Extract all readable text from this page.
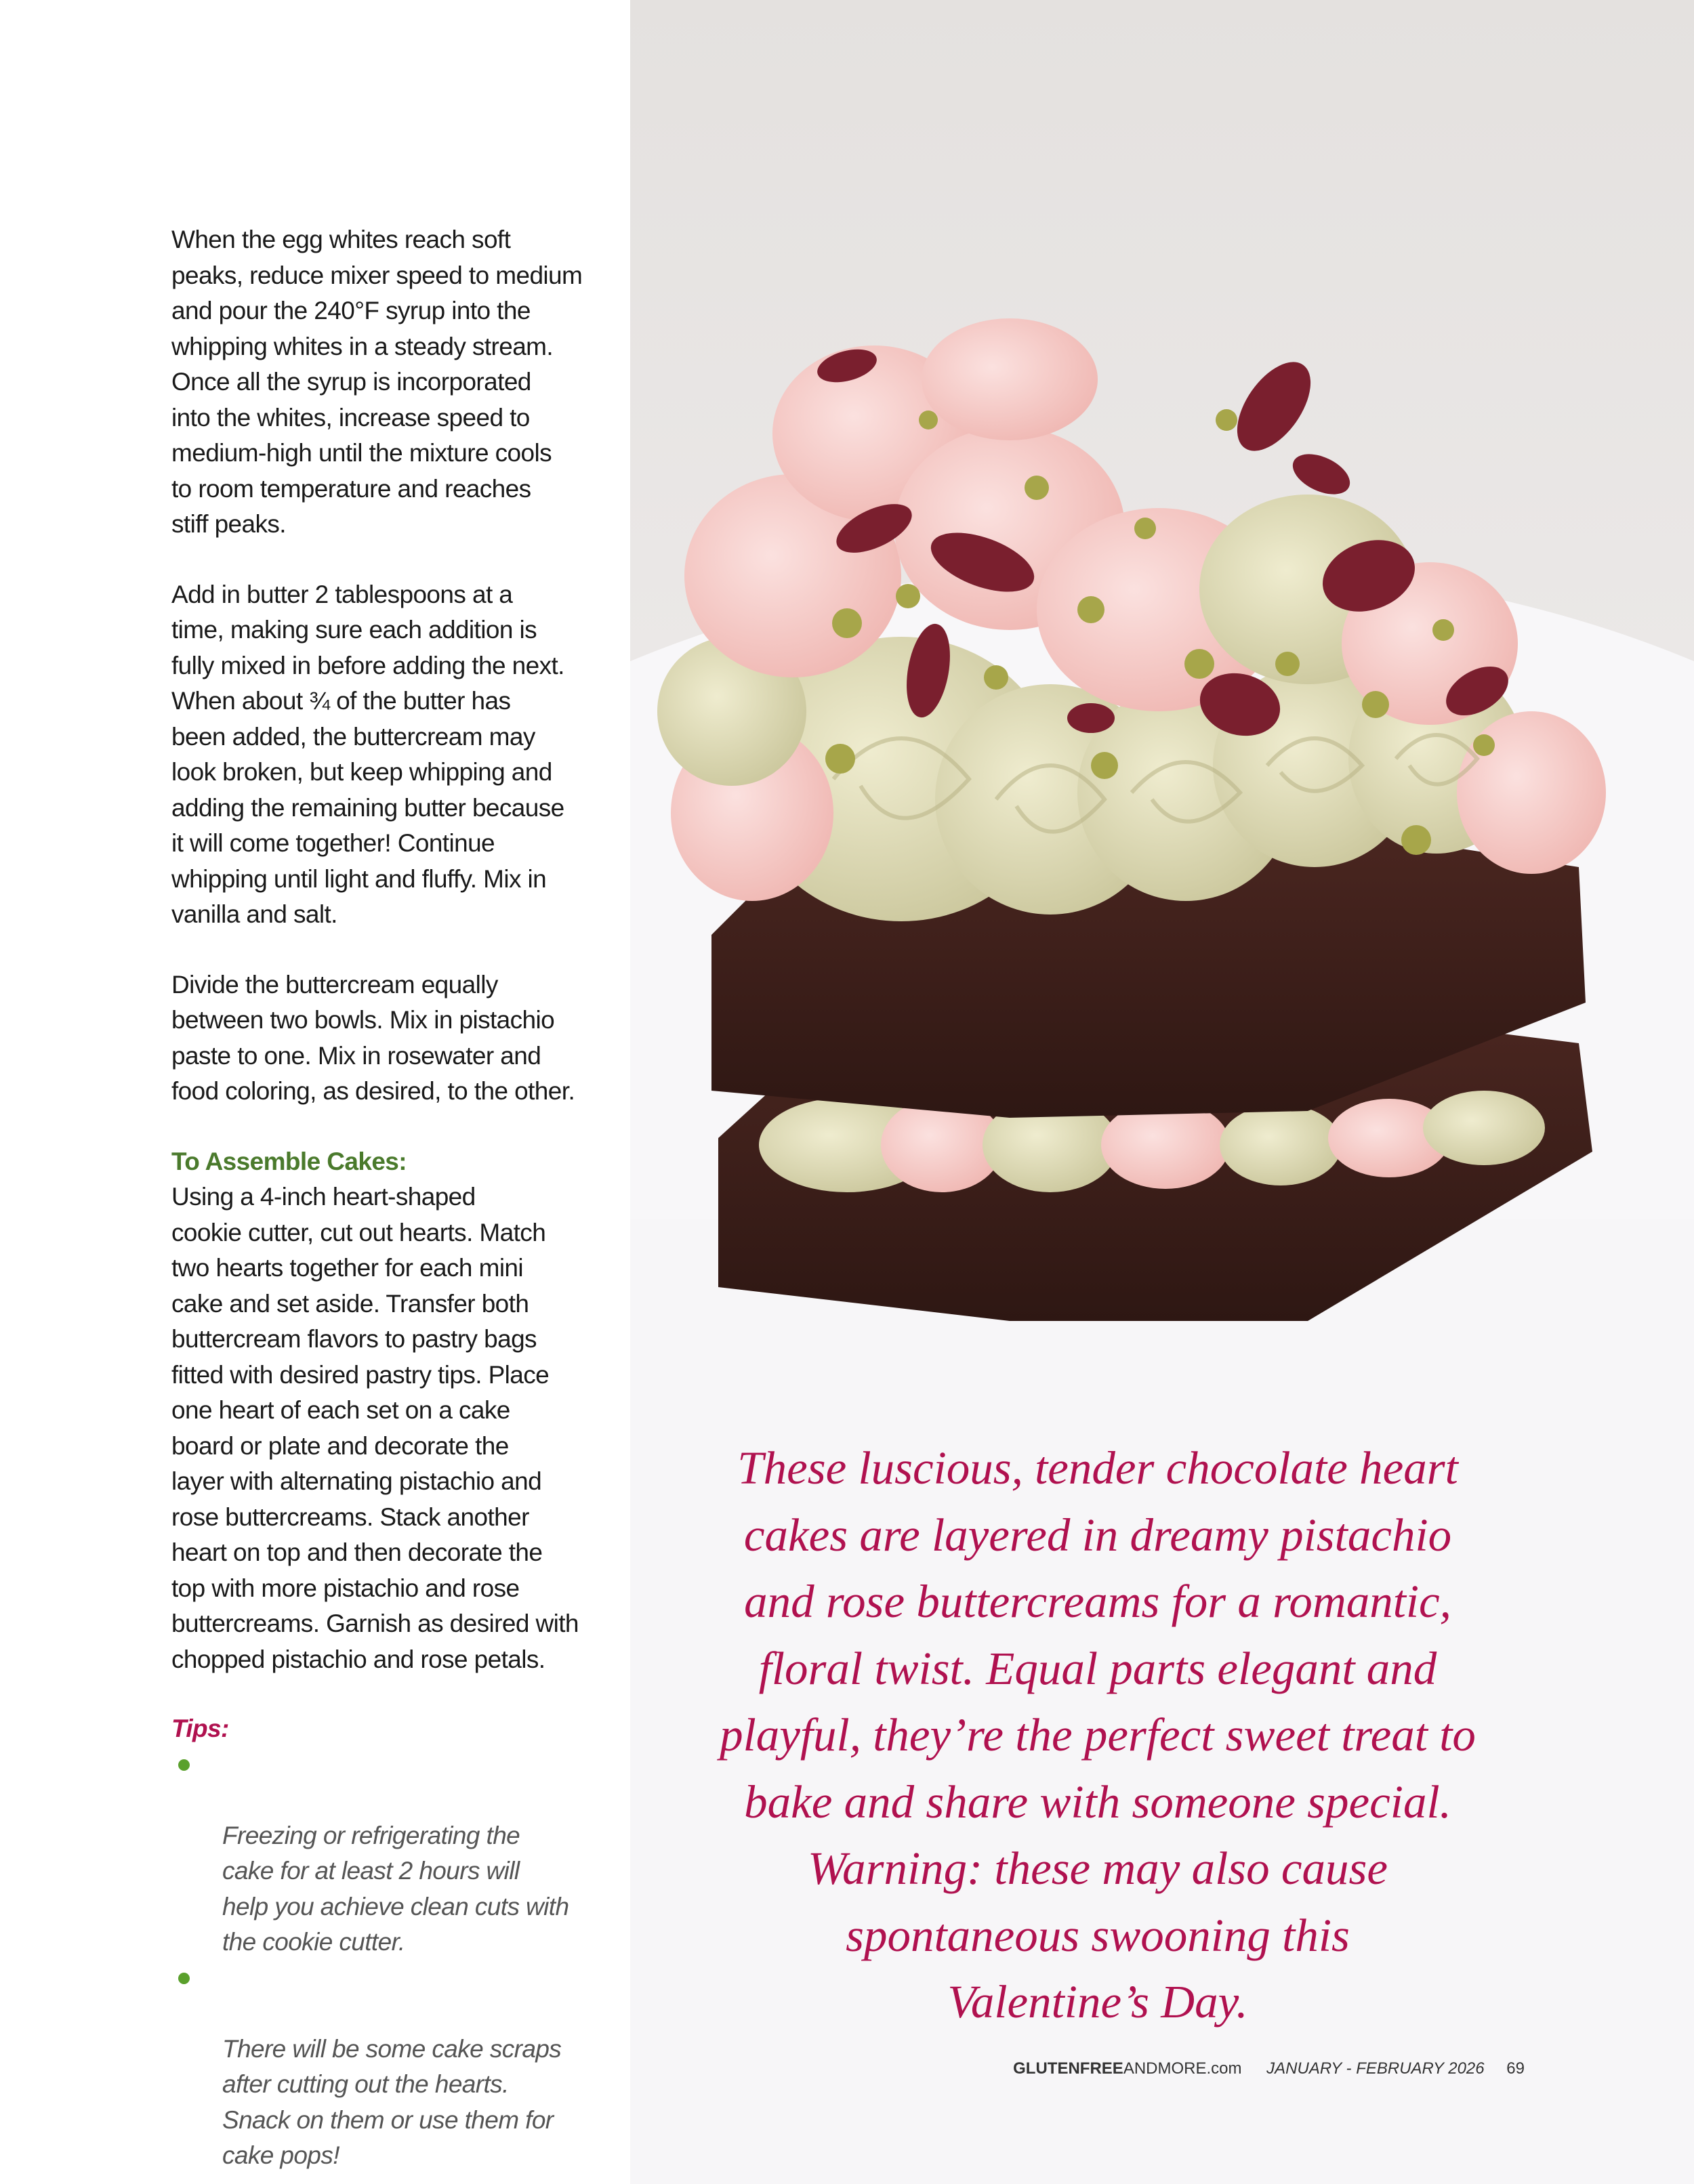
When the egg whites reach soft
peaks, reduce mixer speed to medium
and pour the 240°F syrup into the
whipping whites in a steady stream.
Once all the syrup is incorporated
into the whites, increase speed to
medium-high until the mixture cools
to room temperature and reaches
stiff peaks.

Add in butter 2 tablespoons at a
time, making sure each addition is
fully mixed in before adding the next.
When about ¾ of the butter has
been added, the buttercream may
look broken, but keep whipping and
adding the remaining butter because
it will come together! Continue
whipping until light and fluffy. Mix in
vanilla and salt.

Divide the buttercream equally
between two bowls. Mix in pistachio
paste to one. Mix in rosewater and
food coloring, as desired, to the other.

To Assemble Cakes:

Using a 4-inch heart-shaped
cookie cutter, cut out hearts. Match
two hearts together for each mini
cake and set aside. Transfer both
buttercream flavors to pastry bags
fitted with desired pastry tips. Place
one heart of each set on a cake
board or plate and decorate the
layer with alternating pistachio and
rose buttercreams. Stack another
heart on top and then decorate the
top with more pistachio and rose
buttercreams. Garnish as desired with
chopped pistachio and rose petals.

Tips:

Freezing or refrigerating the
cake for at least 2 hours will
help you achieve clean cuts with
the cookie cutter.

There will be some cake scraps
after cutting out the hearts.
Snack on them or use them for
cake pops!

These luscious, tender chocolate heart
cakes are layered in dreamy pistachio
and rose buttercreams for a romantic,
floral twist. Equal parts elegant and
playful, they’re the perfect sweet treat to
bake and share with someone special.
Warning: these may also cause
spontaneous swooning this
Valentine’s Day.
GLUTENFREEANDMORE.com JANUARY - FEBRUARY 2026 69
